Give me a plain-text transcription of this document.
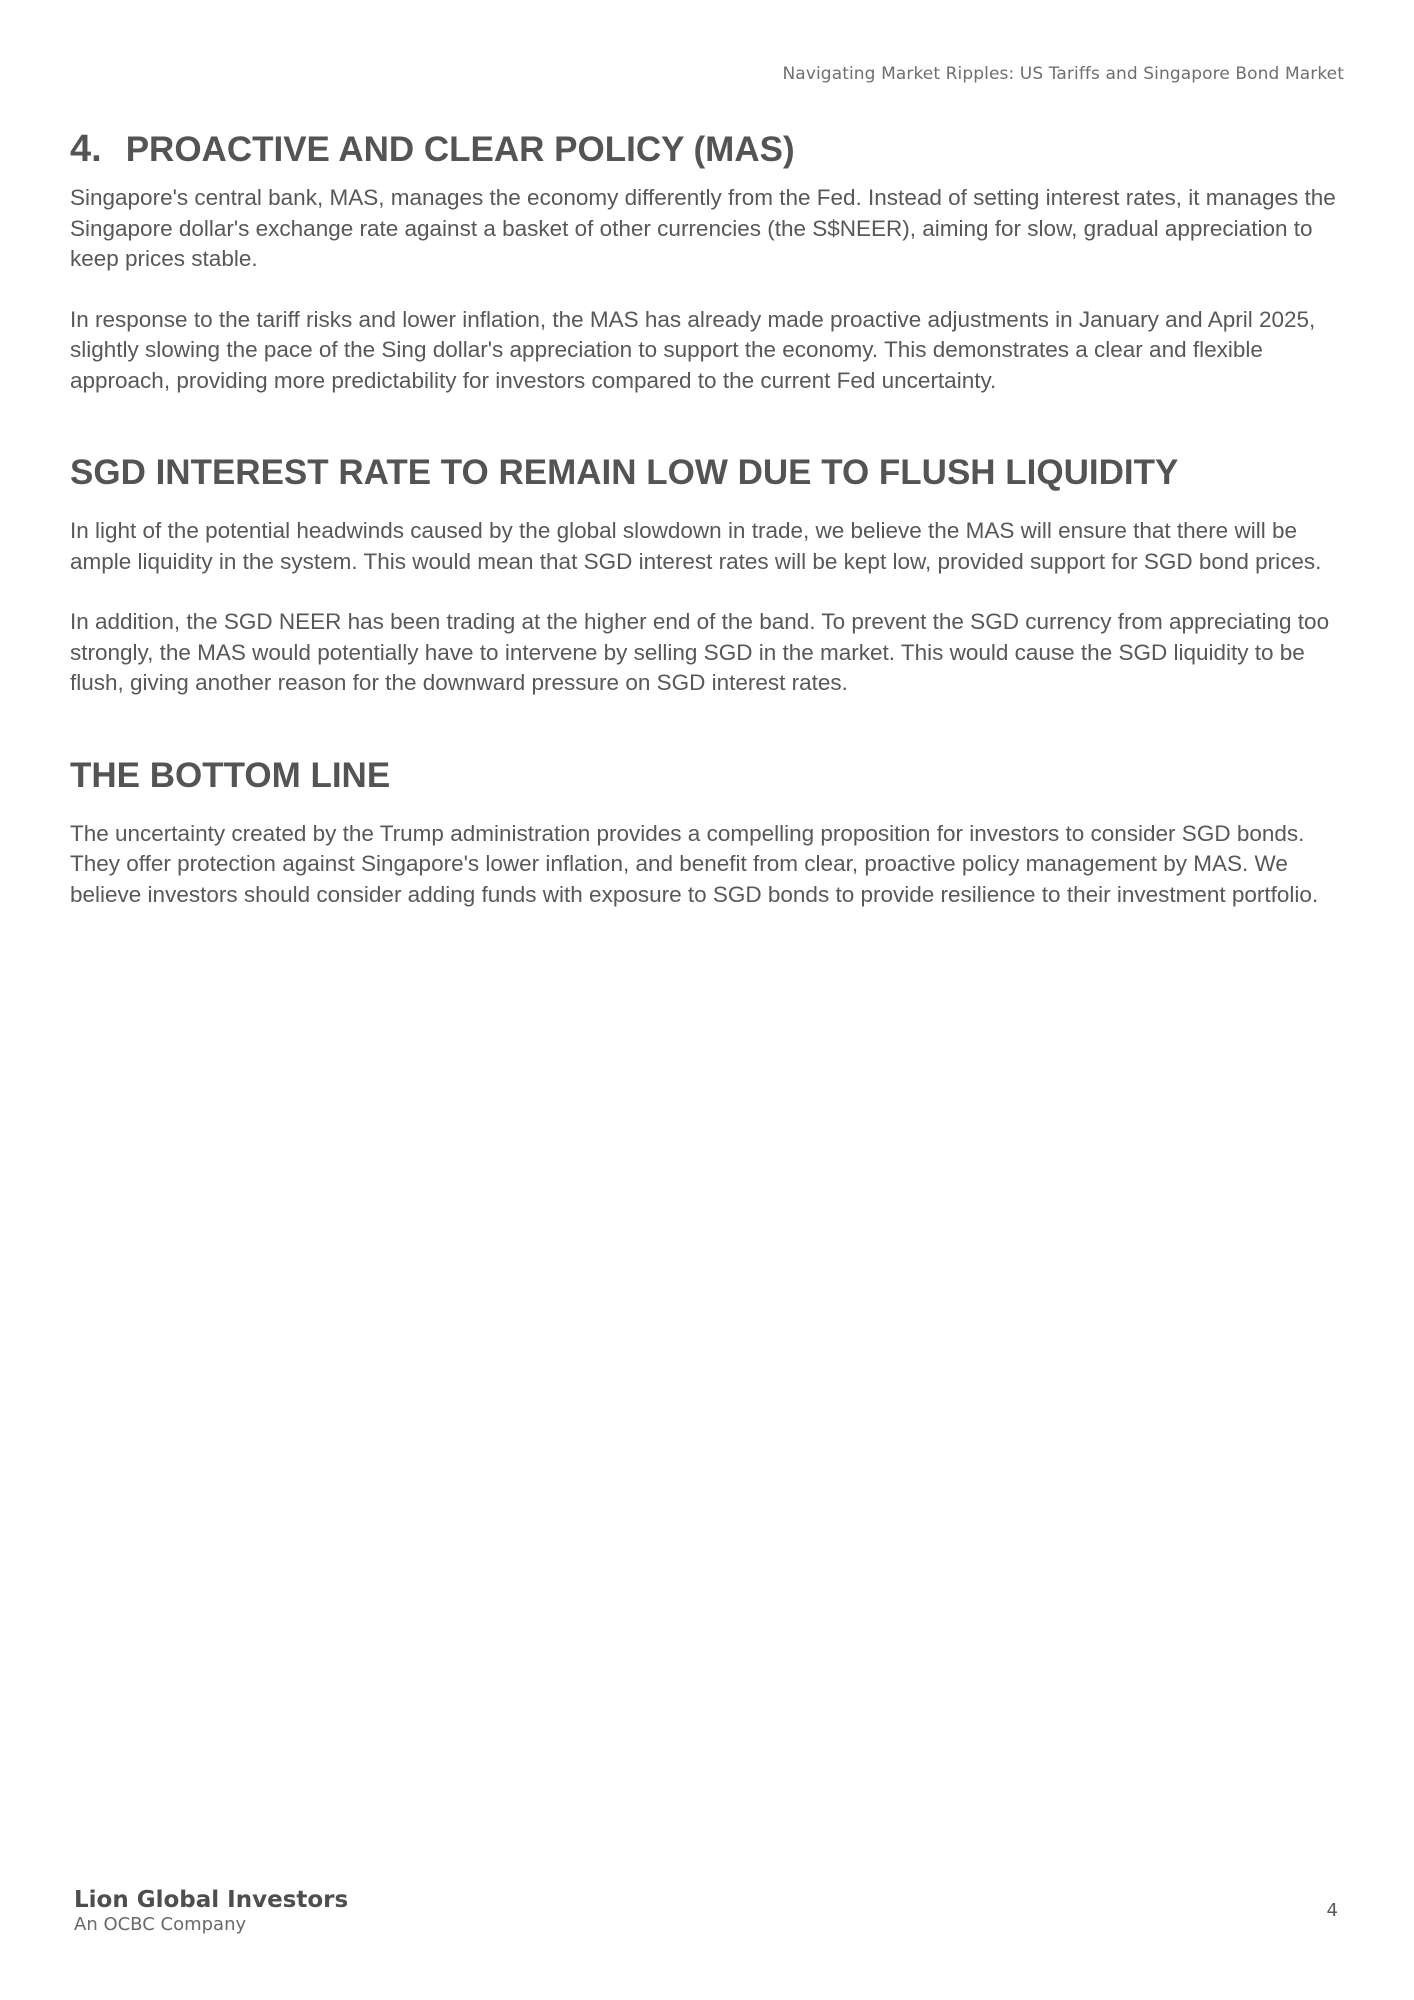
Navigating Market Ripples: US Tariffs and Singapore Bond Market
4. PROACTIVE AND CLEAR POLICY (MAS)

Singapore's central bank, MAS, manages the economy differently from the Fed. Instead of setting interest rates, it manages the Singapore dollar's exchange rate against a basket of other currencies (the S$NEER), aiming for slow, gradual appreciation to keep prices stable.

In response to the tariff risks and lower inflation, the MAS has already made proactive adjustments in January and April 2025, slightly slowing the pace of the Sing dollar's appreciation to support the economy. This demonstrates a clear and flexible approach, providing more predictability for investors compared to the current Fed uncertainty.

SGD INTEREST RATE TO REMAIN LOW DUE TO FLUSH LIQUIDITY

In light of the potential headwinds caused by the global slowdown in trade, we believe the MAS will ensure that there will be ample liquidity in the system. This would mean that SGD interest rates will be kept low, provided support for SGD bond prices.

In addition, the SGD NEER has been trading at the higher end of the band. To prevent the SGD currency from appreciating too strongly, the MAS would potentially have to intervene by selling SGD in the market. This would cause the SGD liquidity to be flush, giving another reason for the downward pressure on SGD interest rates.

THE BOTTOM LINE

The uncertainty created by the Trump administration provides a compelling proposition for investors to consider SGD bonds. They offer protection against Singapore's lower inflation, and benefit from clear, proactive policy management by MAS. We believe investors should consider adding funds with exposure to SGD bonds to provide resilience to their investment portfolio.

Lion Global Investors
An OCBC Company
4
